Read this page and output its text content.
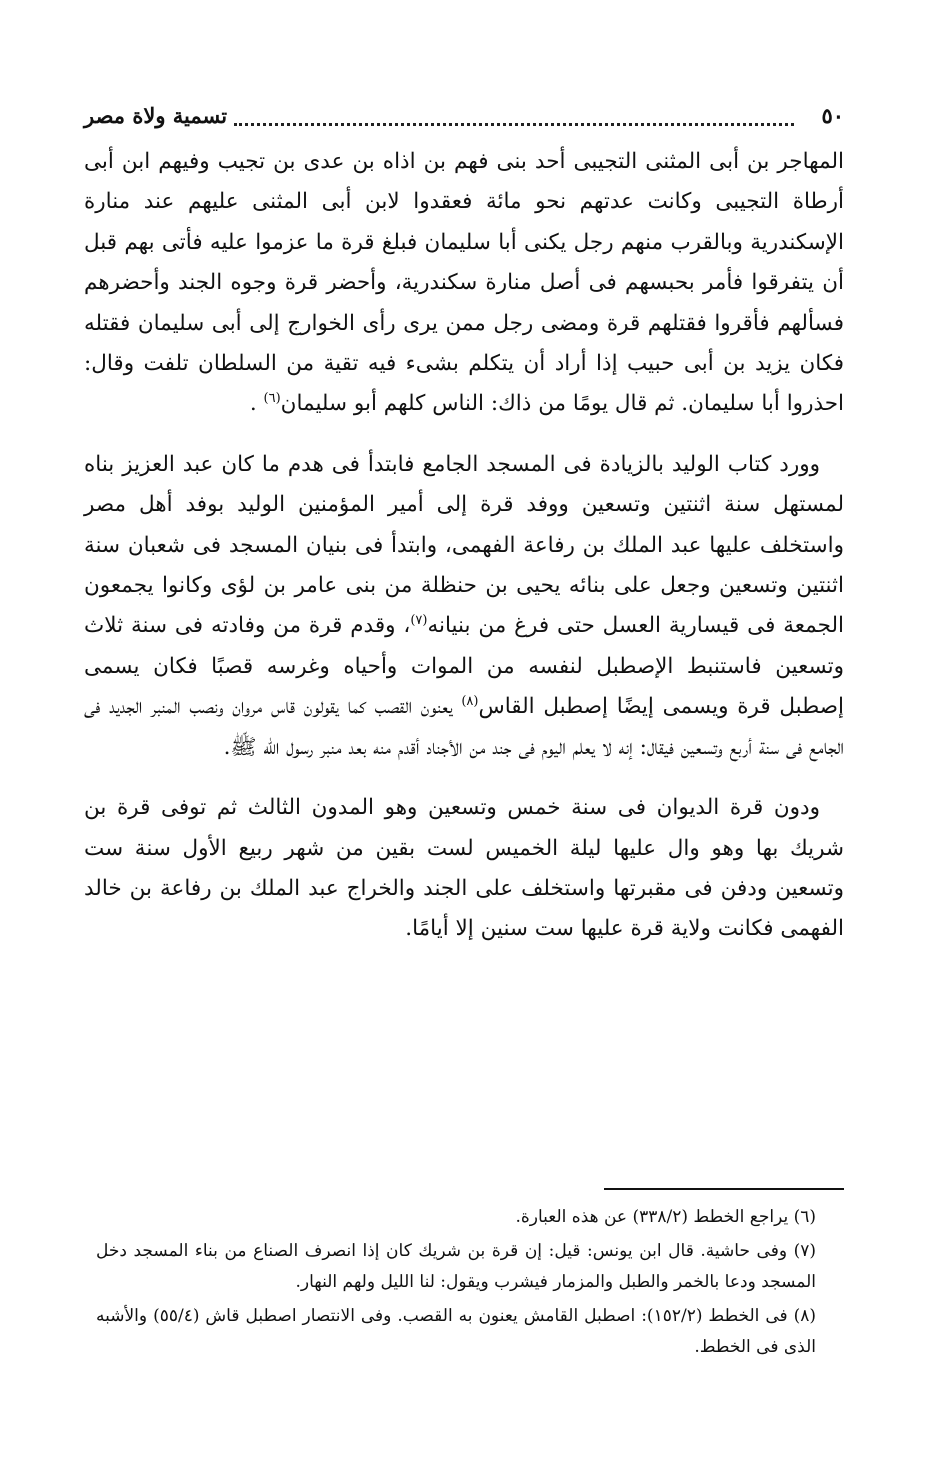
٥٠
تسمية ولاة مصر

المهاجر بن أبى المثنى التجيبى أحد بنى فهم بن اذاه بن عدى بن تجيب وفيهم ابن أبى أرطاة التجيبى وكانت عدتهم نحو مائة فعقدوا لابن أبى المثنى عليهم عند منارة الإسكندرية وبالقرب منهم رجل يكنى أبا سليمان فبلغ قرة ما عزموا عليه فأتى بهم قبل أن يتفرقوا فأمر بحبسهم فى أصل منارة سكندرية، وأحضر قرة وجوه الجند وأحضرهم فسألهم فأقروا فقتلهم قرة ومضى رجل ممن يرى رأى الخوارج إلى أبى سليمان فقتله فكان يزيد بن أبى حبيب إذا أراد أن يتكلم بشىء فيه تقية من السلطان تلفت وقال: احذروا أبا سليمان. ثم قال يومًا من ذاك: الناس كلهم أبو سليمان$^{(٦)}$ .

وورد كتاب الوليد بالزيادة فى المسجد الجامع فابتدأ فى هدم ما كان عبد العزيز بناه لمستهل سنة اثنتين وتسعين ووفد قرة إلى أمير المؤمنين الوليد بوفد أهل مصر واستخلف عليها عبد الملك بن رفاعة الفهمى، وابتدأ فى بنيان المسجد فى شعبان سنة اثنتين وتسعين وجعل على بنائه يحيى بن حنظلة من بنى عامر بن لؤى وكانوا يجمعون الجمعة فى قيسارية العسل حتى فرغ من بنيانه$^{(٧)}$، وقدم قرة من وفادته فى سنة ثلاث وتسعين فاستنبط الإصطبل لنفسه من الموات وأحياه وغرسه قصبًا فكان يسمى إصطبل قرة ويسمى إيضًا إصطبل القاس$^{(٨)}$ يعنون القصب كما يقولون قاس مروان ونصب المنبر الجديد فى الجامع فى سنة أربع وتسعين فيقال: إنه لا يعلم اليوم فى جند من الأجناد أقدم منه بعد منبر رسول الله ﷺ.

ودون قرة الديوان فى سنة خمس وتسعين وهو المدون الثالث ثم توفى قرة بن شريك بها وهو وال عليها ليلة الخميس لست بقين من شهر ربيع الأول سنة ست وتسعين ودفن فى مقبرتها واستخلف على الجند والخراج عبد الملك بن رفاعة بن خالد الفهمى فكانت ولاية قرة عليها ست سنين إلا أيامًا.

(٦) يراجع الخطط (٣٣٨/٢) عن هذه العبارة.

(٧) وفى حاشية. قال ابن يونس: قيل: إن قرة بن شريك كان إذا انصرف الصناع من بناء المسجد دخل المسجد ودعا بالخمر والطبل والمزمار فيشرب ويقول: لنا الليل ولهم النهار.

(٨) فى الخطط (١٥٢/٢): اصطبل القامش يعنون به القصب. وفى الانتصار اصطبل قاش (٥٥/٤) والأشبه الذى فى الخطط.
